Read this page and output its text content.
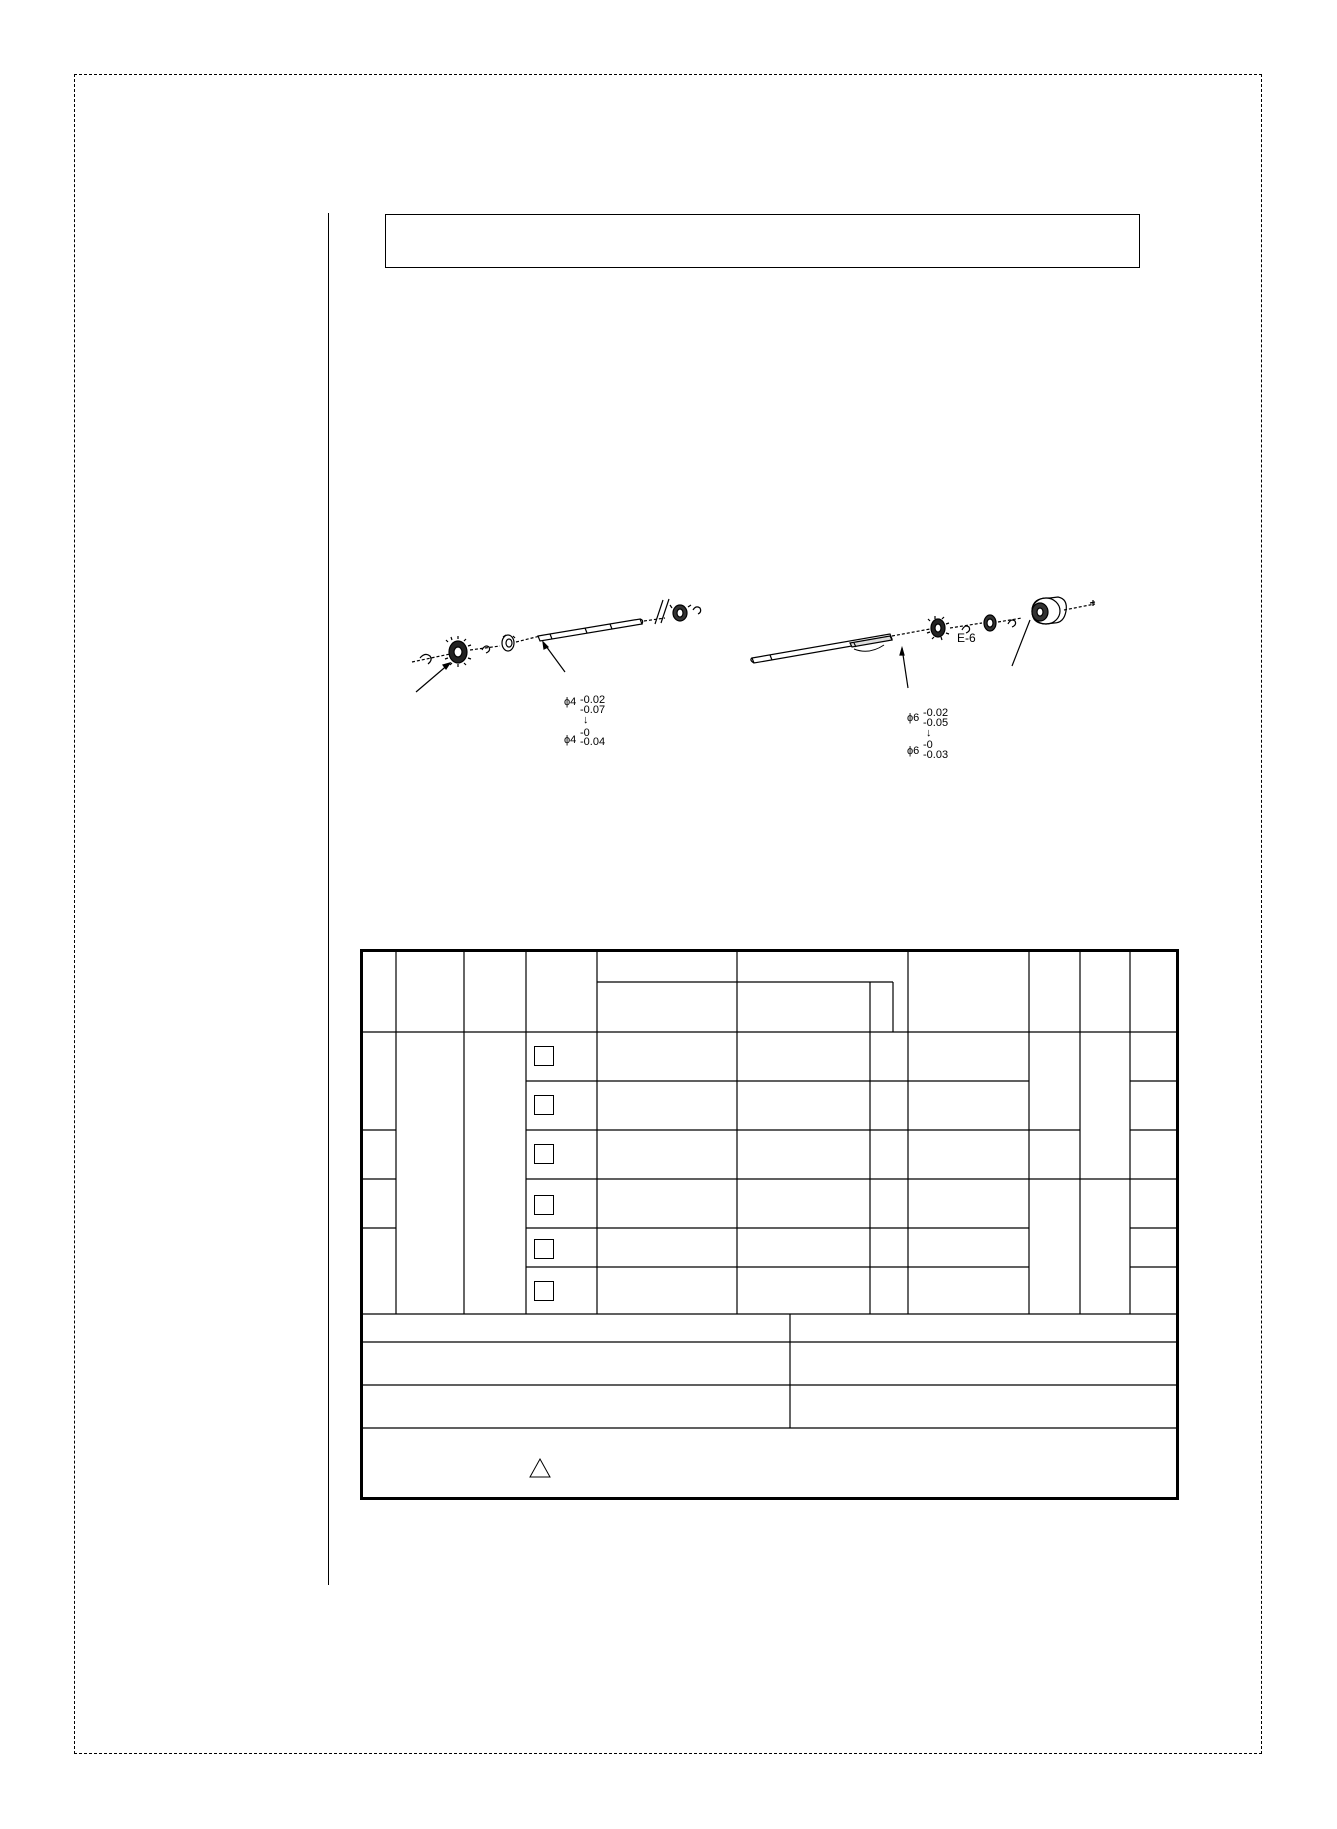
ϕ4 -0.02
-0.07
↓
ϕ4
-0
-0.04
ϕ6 -0.02
-0.05
↓
ϕ6 -0
-0.03
E-6
